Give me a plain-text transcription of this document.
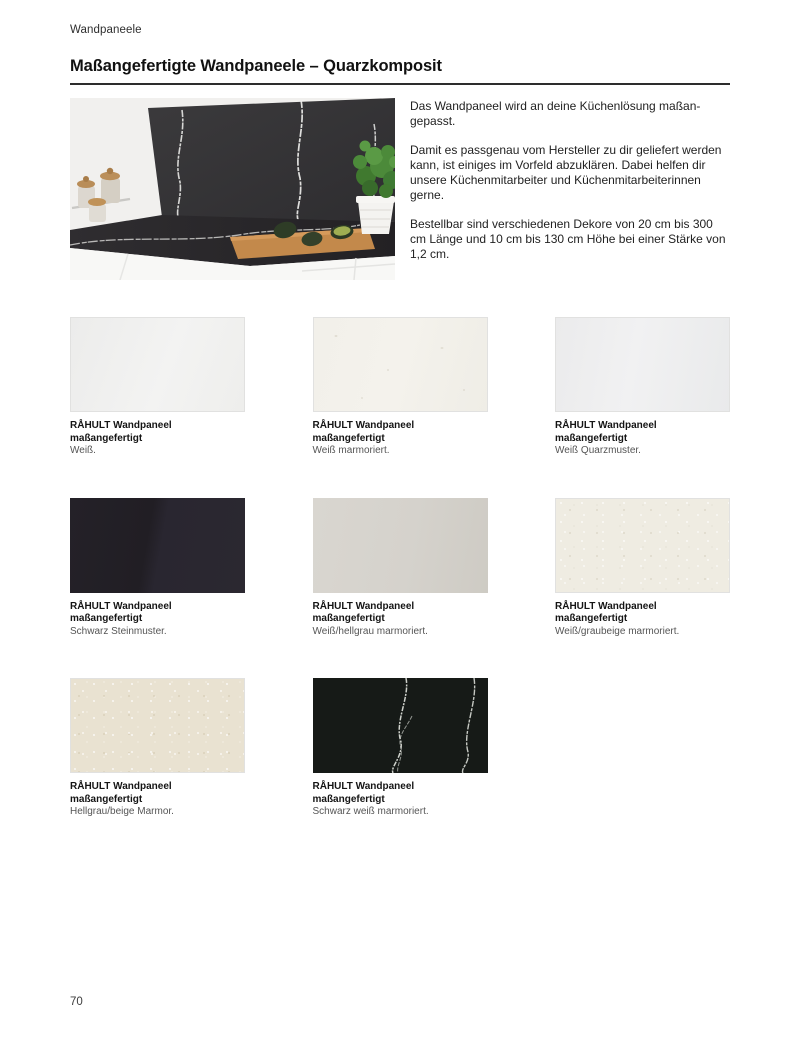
Wandpaneele
Maßangefertigte Wandpaneele – Quarzkomposit

Das Wandpaneel wird an deine Küchenlösung maßangepasst.

Damit es passgenau vom Hersteller zu dir geliefert werden kann, ist einiges im Vorfeld abzuklären. Dabei helfen dir unsere Küchenmitarbeiter und Küchenmitarbeiterinnen gerne.

Bestellbar sind verschiedenen Dekore von 20 cm bis 300 cm Länge und 10 cm bis 130 cm Höhe bei einer Stärke von 1,2 cm.

RÅHULT Wandpaneel maßangefertigt
Weiß.
RÅHULT Wandpaneel maßangefertigt
Weiß marmoriert.
RÅHULT Wandpaneel maßangefertigt
Weiß Quarzmuster.
RÅHULT Wandpaneel maßangefertigt
Schwarz Steinmuster.
RÅHULT Wandpaneel maßangefertigt
Weiß/hellgrau marmoriert.
RÅHULT Wandpaneel maßangefertigt
Weiß/graubeige marmoriert.
RÅHULT Wandpaneel maßangefertigt
Hellgrau/beige Marmor.
RÅHULT Wandpaneel maßangefertigt
Schwarz weiß marmoriert.
70
